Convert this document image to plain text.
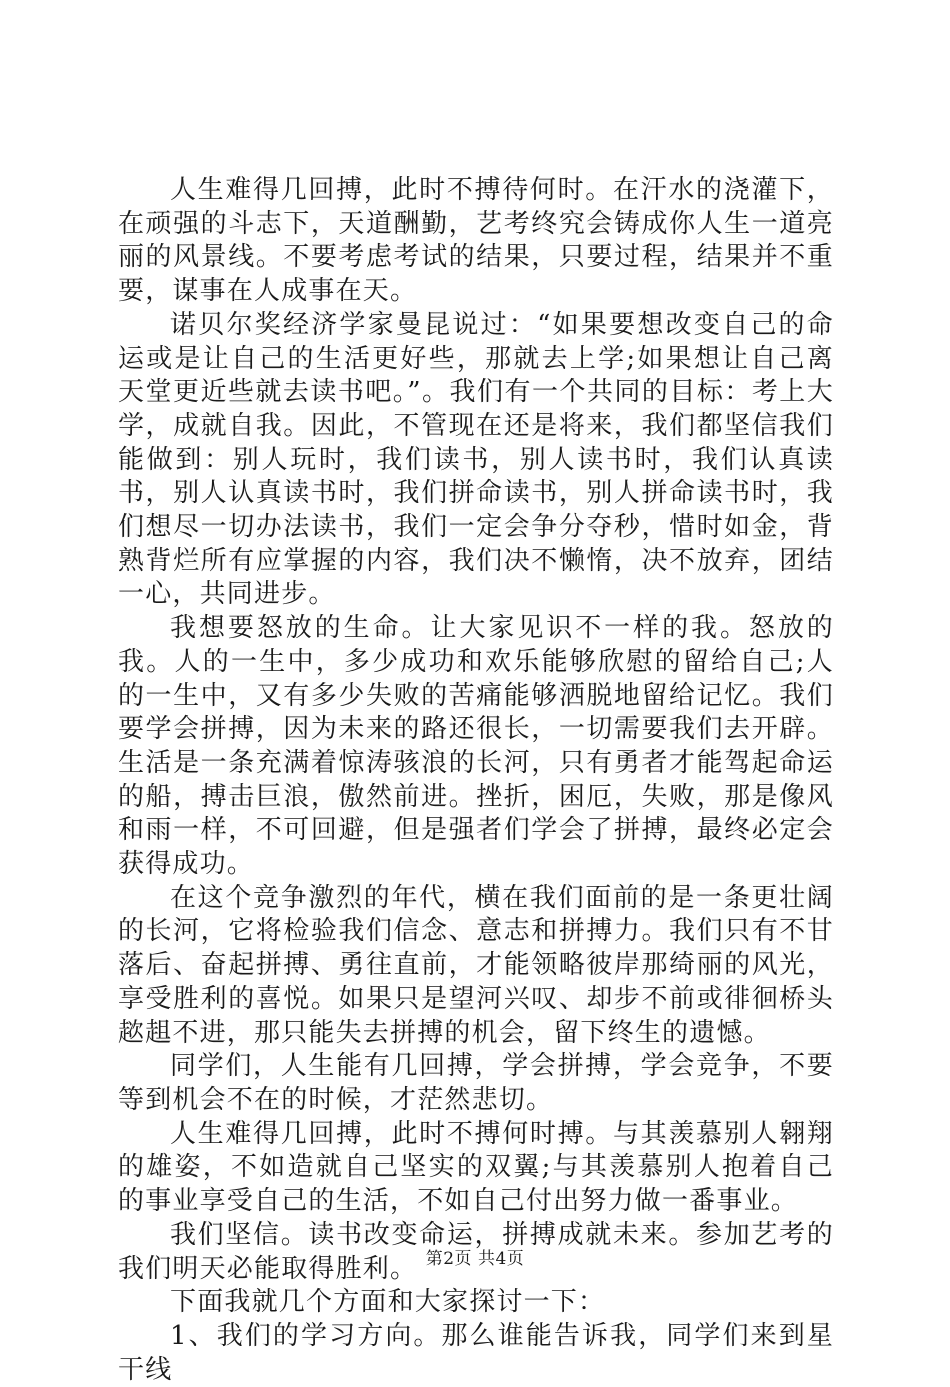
人生难得几回搏，此时不搏待何时。在汗水的浇灌下，在顽强的斗志下，天道酬勤，艺考终究会铸成你人生一道亮丽的风景线。不要考虑考试的结果，只要过程，结果并不重要，谋事在人成事在天。

诺贝尔奖经济学家曼昆说过：“如果要想改变自己的命运或是让自己的生活更好些，那就去上学;如果想让自己离天堂更近些就去读书吧。”。我们有一个共同的目标：考上大学，成就自我。因此，不管现在还是将来，我们都坚信我们能做到：别人玩时，我们读书，别人读书时，我们认真读书，别人认真读书时，我们拼命读书，别人拼命读书时，我们想尽一切办法读书，我们一定会争分夺秒，惜时如金，背熟背烂所有应掌握的内容，我们决不懒惰，决不放弃，团结一心，共同进步。

我想要怒放的生命。让大家见识不一样的我。怒放的我。人的一生中，多少成功和欢乐能够欣慰的留给自己;人的一生中，又有多少失败的苦痛能够洒脱地留给记忆。我们要学会拼搏，因为未来的路还很长，一切需要我们去开辟。生活是一条充满着惊涛骇浪的长河，只有勇者才能驾起命运的船，搏击巨浪，傲然前进。挫折，困厄，失败，那是像风和雨一样，不可回避，但是强者们学会了拼搏，最终必定会获得成功。

在这个竞争激烈的年代，横在我们面前的是一条更壮阔的长河，它将检验我们信念、意志和拼搏力。我们只有不甘落后、奋起拼搏、勇往直前，才能领略彼岸那绮丽的风光，享受胜利的喜悦。如果只是望河兴叹、却步不前或徘徊桥头趑趄不进，那只能失去拼搏的机会，留下终生的遗憾。

同学们，人生能有几回搏，学会拼搏，学会竞争，不要等到机会不在的时候，才茫然悲切。

人生难得几回搏，此时不搏何时搏。与其羡慕别人翱翔的雄姿，不如造就自己坚实的双翼;与其羡慕别人抱着自己的事业享受自己的生活，不如自己付出努力做一番事业。

我们坚信。读书改变命运，拼搏成就未来。参加艺考的我们明天必能取得胜利。

下面我就几个方面和大家探讨一下：

1、我们的学习方向。那么谁能告诉我，同学们来到星干线

第2页 共4页
